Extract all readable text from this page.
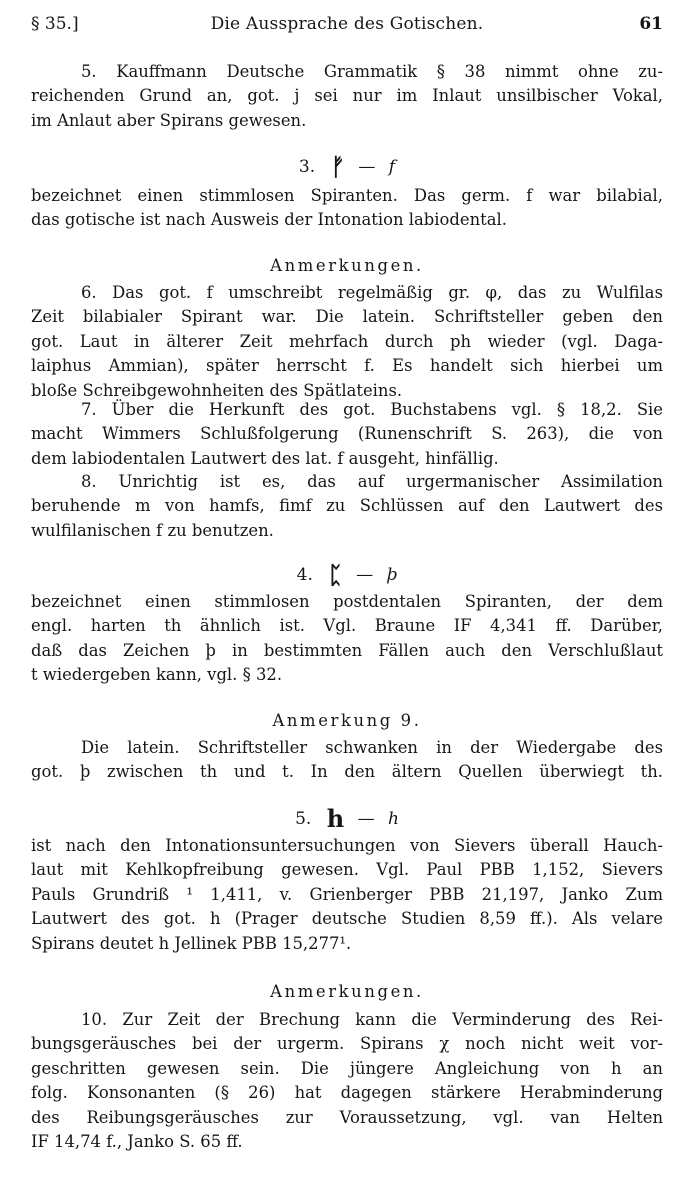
§ 35.]	Die Aussprache des Gotischen.	61
5. Kauffmann Deutsche Grammatik § 38 nimmt ohne zu-
reichenden Grund an, got. j sei nur im Inlaut unsilbischer Vokal,
im Anlaut aber Spirans gewesen.
3. ᚠ — f
bezeichnet einen stimmlosen Spiranten. Das germ. f war bilabial,
das gotische ist nach Ausweis der Intonation labiodental.
Anmerkungen.
6. Das got. f umschreibt regelmäßig gr. φ, das zu Wulfilas
Zeit bilabialer Spirant war. Die latein. Schriftsteller geben den
got. Laut in älterer Zeit mehrfach durch ph wieder (vgl. Daga-
laiphus Ammian), später herrscht f. Es handelt sich hierbei um
bloße Schreibgewohnheiten des Spätlateins.
7. Über die Herkunft des got. Buchstabens vgl. § 18,2. Sie
macht Wimmers Schlußfolgerung (Runenschrift S. 263), die von
dem labiodentalen Lautwert des lat. f ausgeht, hinfällig.
8. Unrichtig ist es, das auf urgermanischer Assimilation
beruhende m von hamfs, fimf zu Schlüssen auf den Lautwert des
wulfilanischen f zu benutzen.
4. ᛈ — þ
bezeichnet einen stimmlosen postdentalen Spiranten, der dem
engl. harten th ähnlich ist. Vgl. Braune IF 4,341 ff. Darüber,
daß das Zeichen þ in bestimmten Fällen auch den Verschlußlaut
t wiedergeben kann, vgl. § 32.
Anmerkung 9.
Die latein. Schriftsteller schwanken in der Wiedergabe des
got. þ zwischen th und t. In den ältern Quellen überwiegt th.
5. h — h
ist nach den Intonationsuntersuchungen von Sievers überall Hauch-
laut mit Kehlkopfreibung gewesen. Vgl. Paul PBB 1,152, Sievers
Pauls Grundriß ¹ 1,411, v. Grienberger PBB 21,197, Janko Zum
Lautwert des got. h (Prager deutsche Studien 8,59 ff.). Als velare
Spirans deutet h Jellinek PBB 15,277¹.
Anmerkungen.
10. Zur Zeit der Brechung kann die Verminderung des Rei-
bungsgeräusches bei der urgerm. Spirans χ noch nicht weit vor-
geschritten gewesen sein. Die jüngere Angleichung von h an
folg. Konsonanten (§ 26) hat dagegen stärkere Herabminderung
des Reibungsgeräusches zur Voraussetzung, vgl. van Helten
IF 14,74 f., Janko S. 65 ff.
